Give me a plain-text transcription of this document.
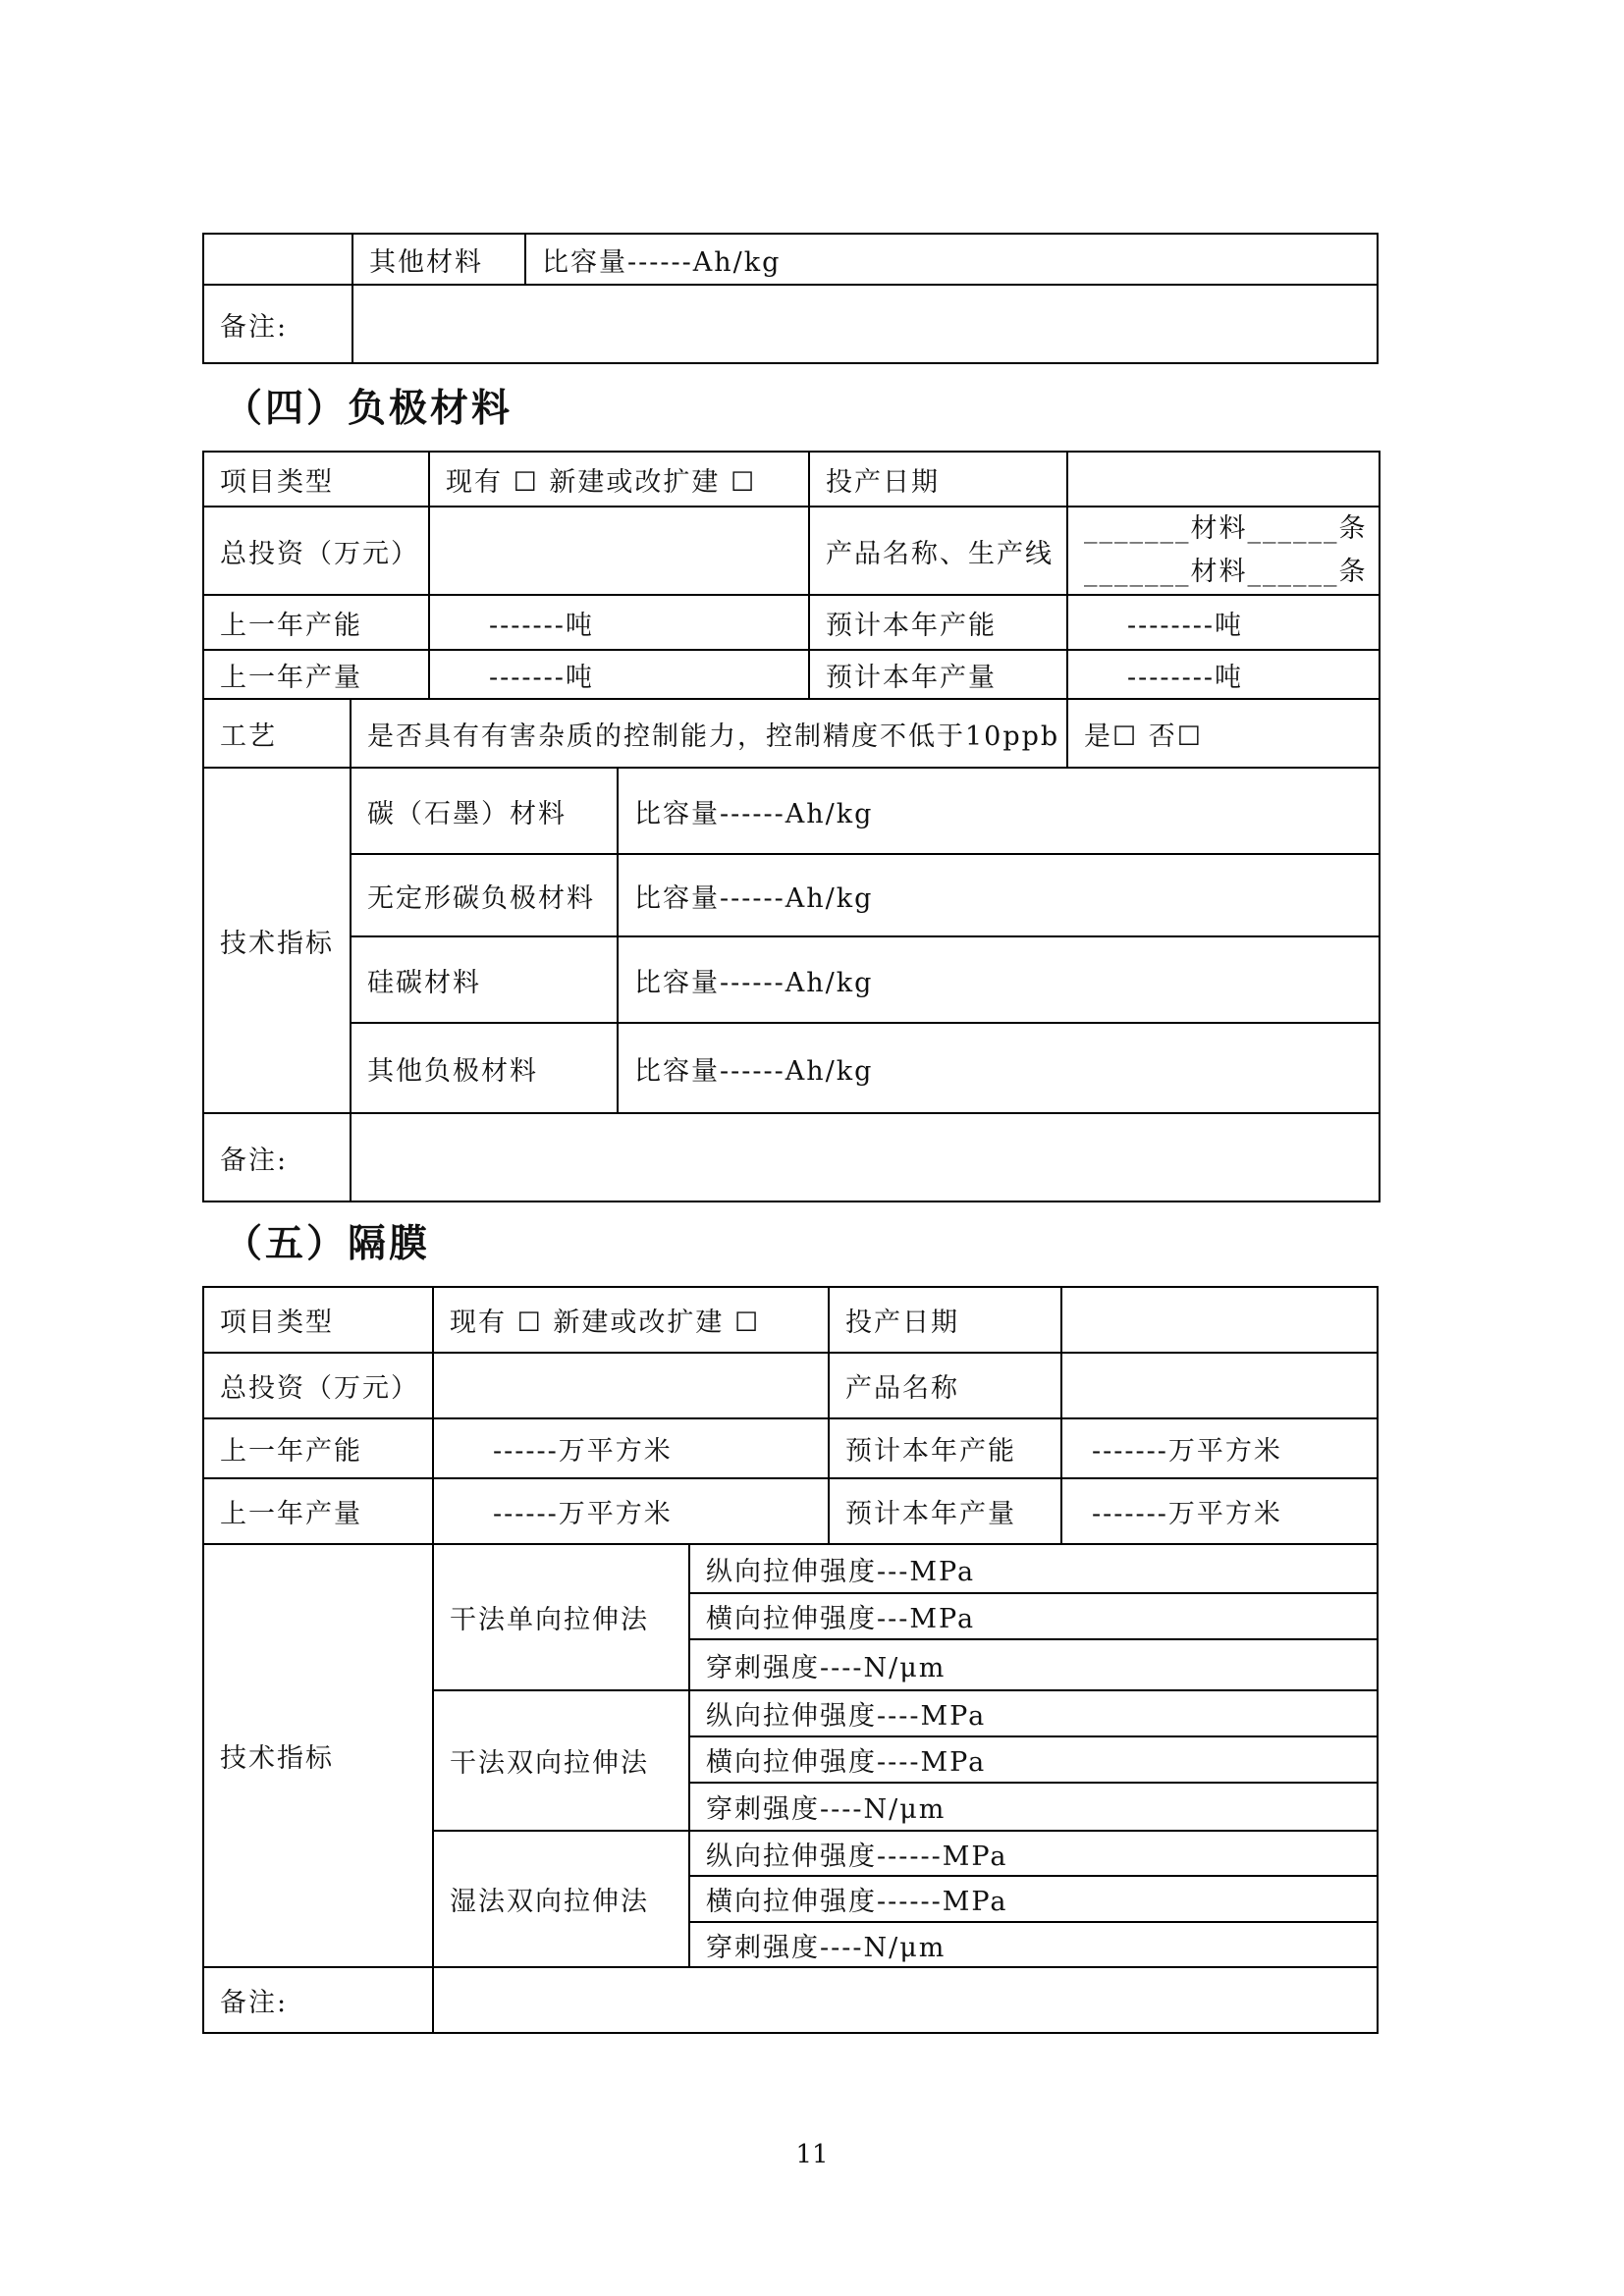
	其他材料	比容量------Ah/kg
备注:		
（四）负极材料
项目类型		现有 ☐ 新建或改扩建 ☐		投产日期	
总投资（万元）				产品名称、生产线	_______材料______条
_______材料______条

上一年产能		-------吨		预计本年产能	--------吨
上一年产量		-------吨		预计本年产量	--------吨
工艺	是否具有有害杂质的控制能力，控制精度不低于10ppb				是☐ 否☐
技术指标	碳（石墨）材料		比容量------Ah/kg		
	无定形碳负极材料		比容量------Ah/kg		
	硅碳材料		比容量------Ah/kg		
	其他负极材料		比容量------Ah/kg		
备注:					
（五）隔膜
项目类型	现有 ☐ 新建或改扩建 ☐		投产日期	
总投资（万元）			产品名称	
上一年产能	------万平方米		预计本年产能	-------万平方米
上一年产量	------万平方米		预计本年产量	-------万平方米
技术指标	干法单向拉伸法	纵向拉伸强度---MPa		
		横向拉伸强度---MPa		
		穿刺强度----N/μm		
	干法双向拉伸法	纵向拉伸强度----MPa		
		横向拉伸强度----MPa		
		穿刺强度----N/μm		
	湿法双向拉伸法	纵向拉伸强度------MPa		
		横向拉伸强度------MPa		
		穿刺强度----N/μm		
备注:				
11
